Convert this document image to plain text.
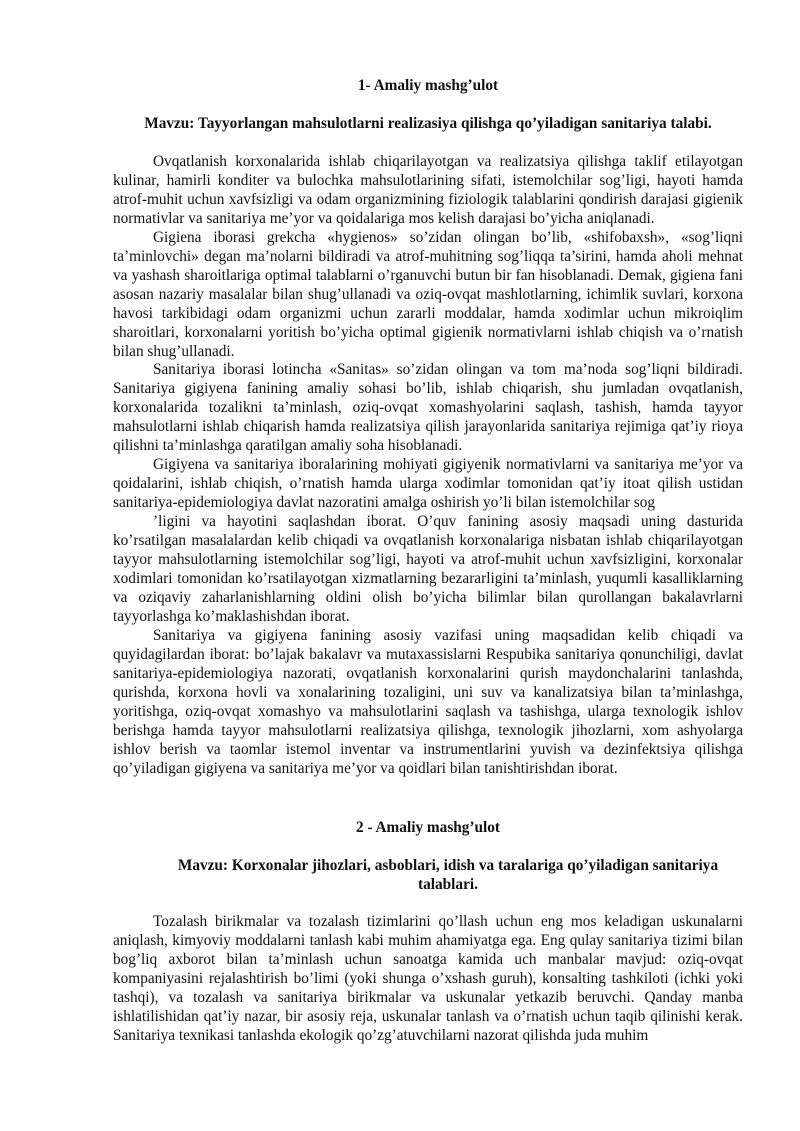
1- Amaliy mashg’ulot

Mavzu: Tayyorlangan mahsulotlarni realizasiya qilishga qo’yiladigan sanitariya talabi.

Ovqatlanish korxonalarida ishlab chiqarilayotgan va realizatsiya qilishga taklif etilayotgan kulinar, hamirli konditer va bulochka mahsulotlarining sifati, istemolchilar sog’ligi, hayoti hamda atrof-muhit uchun xavfsizligi va odam organizmining fiziologik talablarini qondirish darajasi gigienik normativlar va sanitariya me’yor va qoidalariga mos kelish darajasi bo’yicha aniqlanadi.

Gigiena iborasi grekcha «hygienos» so’zidan olingan bo’lib, «shifobaxsh», «sog’liqni ta’minlovchi» degan ma’nolarni bildiradi va atrof-muhitning sog’liqqa ta’sirini, hamda aholi mehnat va yashash sharoitlariga optimal talablarni o’rganuvchi butun bir fan hisoblanadi. Demak, gigiena fani asosan nazariy masalalar bilan shug’ullanadi va oziq-ovqat mashlotlarning, ichimlik suvlari, korxona havosi tarkibidagi odam organizmi uchun zararli moddalar, hamda xodimlar uchun mikroiqlim sharoitlari, korxonalarni yoritish bo’yicha optimal gigienik normativlarni ishlab chiqish va o’rnatish bilan shug’ullanadi.

Sanitariya iborasi lotincha «Sanitas» so’zidan olingan va tom ma’noda sog’liqni bildiradi. Sanitariya gigiyena fanining amaliy sohasi bo’lib, ishlab chiqarish, shu jumladan ovqatlanish, korxonalarida tozalikni ta’minlash, oziq-ovqat xomashyolarini saqlash, tashish, hamda tayyor mahsulotlarni ishlab chiqarish hamda realizatsiya qilish jarayonlarida sanitariya rejimiga qat’iy rioya qilishni ta’minlashga qaratilgan amaliy soha hisoblanadi.

Gigiyena va sanitariya iboralarining mohiyati gigiyenik normativlarni va sanitariya me’yor va qoidalarini, ishlab chiqish, o’rnatish hamda ularga xodimlar tomonidan qat’iy itoat qilish ustidan sanitariya-epidemiologiya davlat nazoratini amalga oshirish yo’li bilan istemolchilar sog

’ligini va hayotini saqlashdan iborat. O’quv fanining asosiy maqsadi uning dasturida ko’rsatilgan masalalardan kelib chiqadi va ovqatlanish korxonalariga nisbatan ishlab chiqarilayotgan tayyor mahsulotlarning istemolchilar sog’ligi, hayoti va atrof-muhit uchun xavfsizligini, korxonalar xodimlari tomonidan ko’rsatilayotgan xizmatlarning bezararligini ta’minlash, yuqumli kasalliklarning va oziqaviy zaharlanishlarning oldini olish bo’yicha bilimlar bilan qurollangan bakalavrlarni tayyorlashga ko’maklashishdan iborat.

Sanitariya va gigiyena fanining asosiy vazifasi uning maqsadidan kelib chiqadi va quyidagilardan iborat: bo’lajak bakalavr va mutaxassislarni Respubika sanitariya qonunchiligi, davlat sanitariya-epidemiologiya nazorati, ovqatlanish korxonalarini qurish maydonchalarini tanlashda, qurishda, korxona hovli va xonalarining tozaligini, uni suv va kanalizatsiya bilan ta’minlashga, yoritishga, oziq-ovqat xomashyo va mahsulotlarini saqlash va tashishga, ularga texnologik ishlov berishga hamda tayyor mahsulotlarni realizatsiya qilishga, texnologik jihozlarni, xom ashyolarga ishlov berish va taomlar istemol inventar va instrumentlarini yuvish va dezinfektsiya qilishga qo’yiladigan gigiyena va sanitariya me’yor va qoidlari bilan tanishtirishdan iborat.

2 - Amaliy mashg’ulot

Mavzu: Korxonalar jihozlari, asboblari, idish va taralariga qo’yiladigan sanitariya talablari.

Tozalash birikmalar va tozalash tizimlarini qo’llash uchun eng mos keladigan uskunalarni aniqlash, kimyoviy moddalarni tanlash kabi muhim ahamiyatga ega. Eng qulay sanitariya tizimi bilan bog’liq axborot bilan ta’minlash uchun sanoatga kamida uch manbalar mavjud: oziq-ovqat kompaniyasini rejalashtirish bo’limi (yoki shunga o’xshash guruh), konsalting tashkiloti (ichki yoki tashqi), va tozalash va sanitariya birikmalar va uskunalar yetkazib beruvchi. Qanday manba ishlatilishidan qat’iy nazar, bir asosiy reja, uskunalar tanlash va o’rnatish uchun taqib qilinishi kerak. Sanitariya texnikasi tanlashda ekologik qo’zg’atuvchilarni nazorat qilishda juda muhim
